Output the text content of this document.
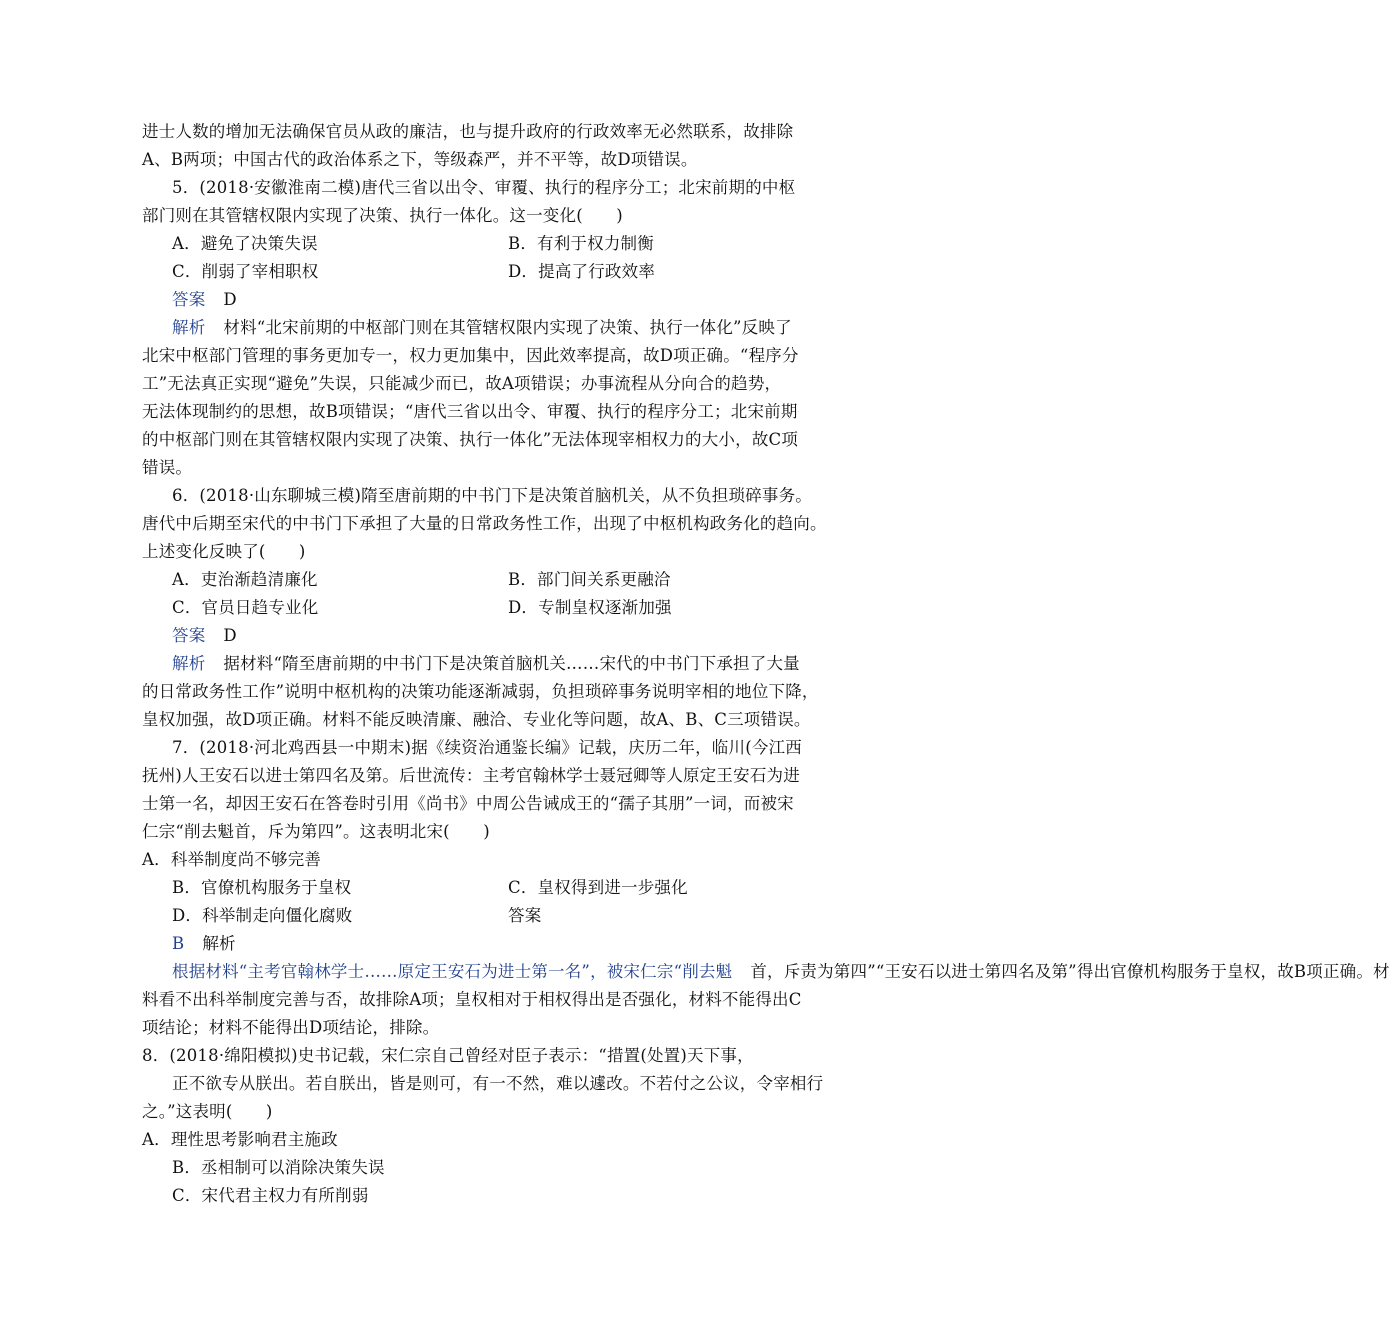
进士人数的增加无法确保官员从政的廉洁，也与提升政府的行政效率无必然联系，故排除
A、B两项；中国古代的政治体系之下，等级森严，并不平等，故D项错误。
5．(2018·安徽淮南二模)唐代三省以出令、审覆、执行的程序分工；北宋前期的中枢
部门则在其管辖权限内实现了决策、执行一体化。这一变化(　　)
A．避免了决策失误	B．有利于权力制衡
C．削弱了宰相职权	D．提高了行政效率
答案 D
解析 材料“北宋前期的中枢部门则在其管辖权限内实现了决策、执行一体化”反映了
北宋中枢部门管理的事务更加专一，权力更加集中，因此效率提高，故D项正确。“程序分
工”无法真正实现“避免”失误，只能减少而已，故A项错误；办事流程从分向合的趋势，
无法体现制约的思想，故B项错误；“唐代三省以出令、审覆、执行的程序分工；北宋前期
的中枢部门则在其管辖权限内实现了决策、执行一体化”无法体现宰相权力的大小，故C项
错误。
6．(2018·山东聊城三模)隋至唐前期的中书门下是决策首脑机关，从不负担琐碎事务。
唐代中后期至宋代的中书门下承担了大量的日常政务性工作，出现了中枢机构政务化的趋向。
上述变化反映了(　　)
A．吏治渐趋清廉化	B．部门间关系更融洽
C．官员日趋专业化	D．专制皇权逐渐加强
答案 D
解析 据材料“隋至唐前期的中书门下是决策首脑机关……宋代的中书门下承担了大量
的日常政务性工作”说明中枢机构的决策功能逐渐减弱，负担琐碎事务说明宰相的地位下降，
皇权加强，故D项正确。材料不能反映清廉、融洽、专业化等问题，故A、B、C三项错误。
7．(2018·河北鸡西县一中期末)据《续资治通鉴长编》记载，庆历二年，临川(今江西
抚州)人王安石以进士第四名及第。后世流传：主考官翰林学士聂冠卿等人原定王安石为进
士第一名，却因王安石在答卷时引用《尚书》中周公告诫成王的“孺子其朋”一词，而被宋
仁宗“削去魁首，斥为第四”。这表明北宋(　　)
A．科举制度尚不够完善
B．官僚机构服务于皇权	C．皇权得到进一步强化
D．科举制走向僵化腐败	答案
B 解析
根据材料“主考官翰林学士……原定王安石为进士第一名”，被宋仁宗“削去魁 首，斥责为第四”“王安石以进士第四名及第”得出官僚机构服务于皇权，故B项正确。材
料看不出科举制度完善与否，故排除A项；皇权相对于相权得出是否强化，材料不能得出C
项结论；材料不能得出D项结论，排除。
8．(2018·绵阳模拟)史书记载，宋仁宗自己曾经对臣子表示：“措置(处置)天下事，
正不欲专从朕出。若自朕出，皆是则可，有一不然，难以遽改。不若付之公议，令宰相行
之。”这表明(　　)
A．理性思考影响君主施政
B．丞相制可以消除决策失误
C．宋代君主权力有所削弱
